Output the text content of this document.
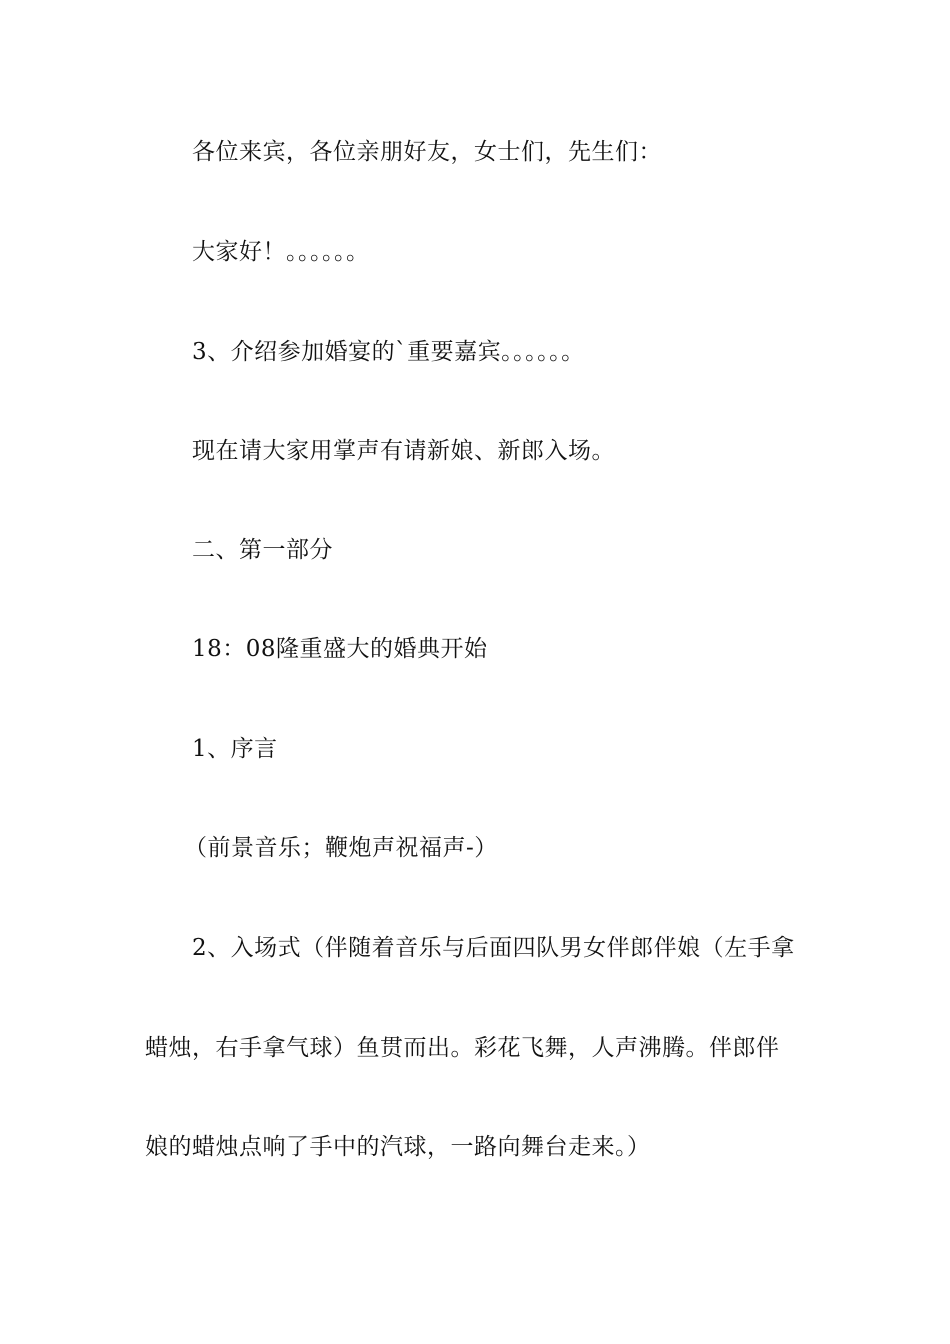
各位来宾，各位亲朋好友，女士们，先生们：

大家好！。。。。。。

3、介绍参加婚宴的`重要嘉宾。。。。。。

现在请大家用掌声有请新娘、新郎入场。

二、第一部分

18：08隆重盛大的婚典开始

1、序言

（前景音乐；鞭炮声祝福声-）

2、入场式（伴随着音乐与后面四队男女伴郎伴娘（左手拿

蜡烛，右手拿气球）鱼贯而出。彩花飞舞，人声沸腾。伴郎伴

娘的蜡烛点响了手中的汽球，一路向舞台走来。）
